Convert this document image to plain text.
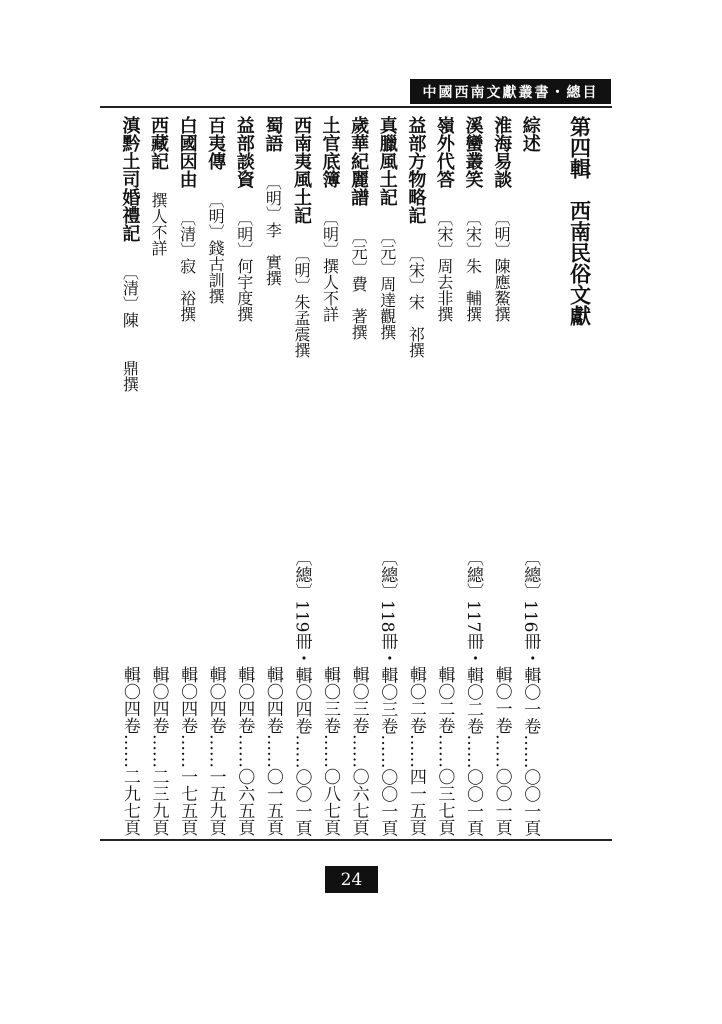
中國西南文獻叢書・總目
第四輯　西南民俗文獻
綜述
〔總〕116冊・輯〇一卷……〇〇一頁
淮海易談
〔明〕陳應鰲撰
輯〇一卷……〇〇一頁
溪蠻叢笑
〔宋〕朱　輔撰
〔總〕117冊・輯〇二卷……〇〇一頁
嶺外代答
〔宋〕周去非撰
輯〇二卷……〇三七頁
益部方物略記
〔宋〕宋　祁撰
輯〇二卷……四一五頁
真臘風土記
〔元〕周達觀撰
〔總〕118冊・輯〇三卷……〇〇一頁
歲華紀麗譜
〔元〕費　著撰
輯〇三卷……〇六七頁
土官底簿
〔明〕撰人不詳
輯〇三卷……〇八七頁
西南夷風土記
〔明〕朱孟震撰
〔總〕119冊・輯〇四卷……〇〇一頁
蜀語
〔明〕李　實撰
輯〇四卷……〇一五頁
益部談資
〔明〕何宇度撰
輯〇四卷……〇六五頁
百夷傳
〔明〕錢古訓撰
輯〇四卷……一五九頁
白國因由
〔清〕寂　裕撰
輯〇四卷……一七五頁
西藏記
撰人不詳
輯〇四卷……二三九頁
滇黔土司婚禮記
〔清〕陳　　鼎撰
輯〇四卷……二九七頁
24
